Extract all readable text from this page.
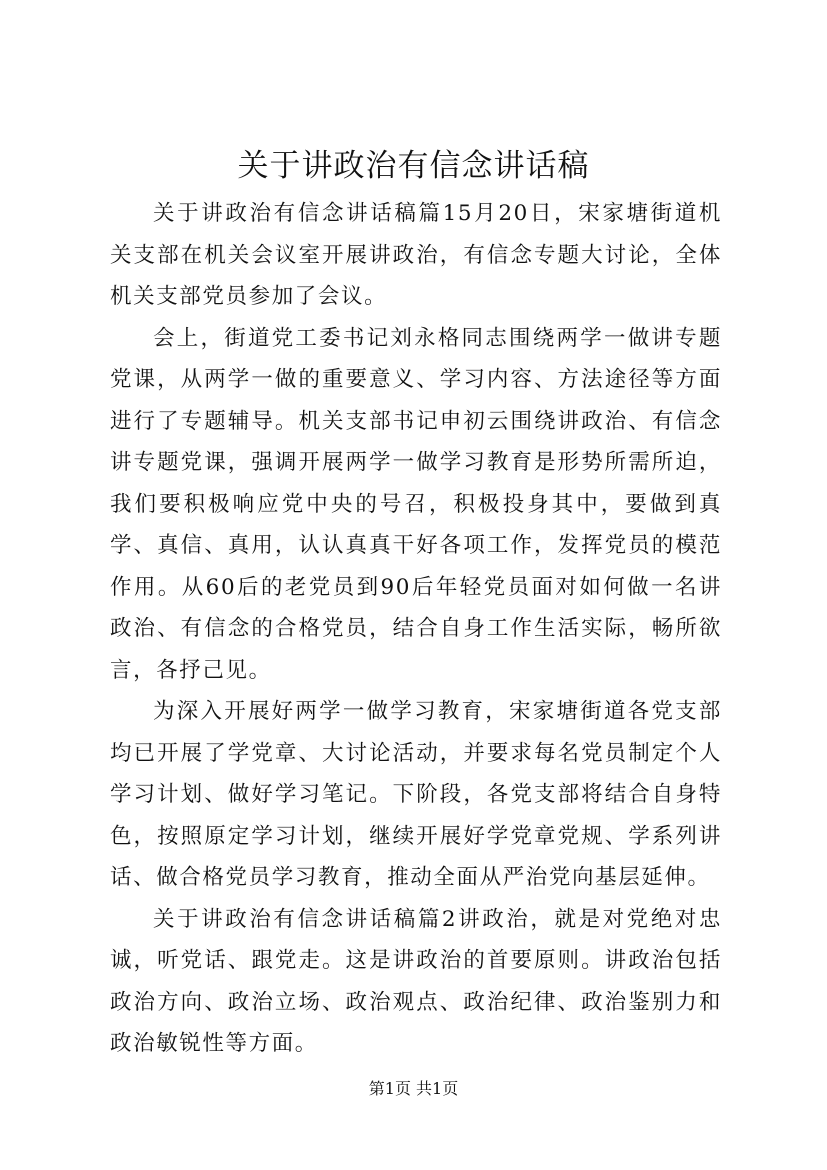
关于讲政治有信念讲话稿

关于讲政治有信念讲话稿篇15月20日，宋家塘街道机关支部在机关会议室开展讲政治，有信念专题大讨论，全体机关支部党员参加了会议。

会上，街道党工委书记刘永格同志围绕两学一做讲专题党课，从两学一做的重要意义、学习内容、方法途径等方面进行了专题辅导。机关支部书记申初云围绕讲政治、有信念讲专题党课，强调开展两学一做学习教育是形势所需所迫，我们要积极响应党中央的号召，积极投身其中，要做到真学、真信、真用，认认真真干好各项工作，发挥党员的模范作用。从60后的老党员到90后年轻党员面对如何做一名讲政治、有信念的合格党员，结合自身工作生活实际，畅所欲言，各抒己见。

为深入开展好两学一做学习教育，宋家塘街道各党支部均已开展了学党章、大讨论活动，并要求每名党员制定个人学习计划、做好学习笔记。下阶段，各党支部将结合自身特色，按照原定学习计划，继续开展好学党章党规、学系列讲话、做合格党员学习教育，推动全面从严治党向基层延伸。

关于讲政治有信念讲话稿篇2讲政治，就是对党绝对忠诚，听党话、跟党走。这是讲政治的首要原则。讲政治包括政治方向、政治立场、政治观点、政治纪律、政治鉴别力和政治敏锐性等方面。

第1页 共1页
